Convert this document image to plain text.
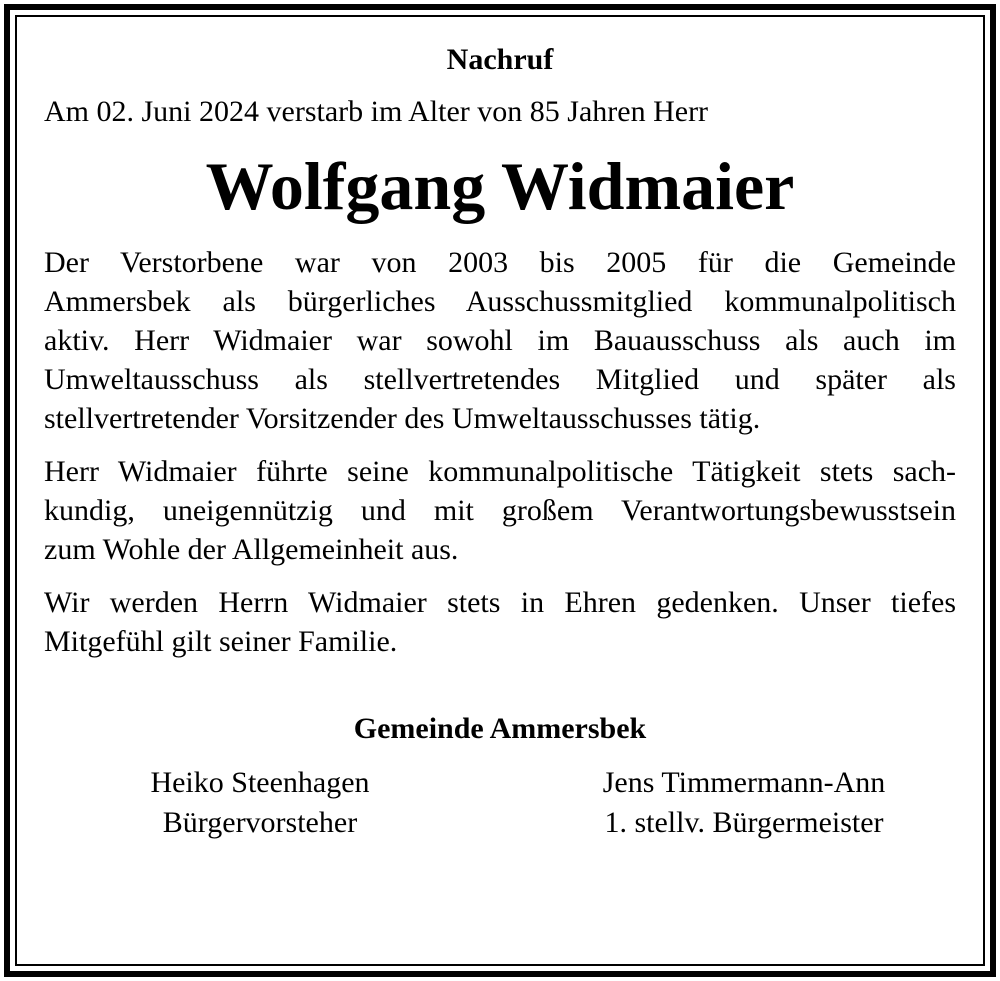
Nachruf

Am 02. Juni 2024 verstarb im Alter von 85 Jahren Herr

Wolfgang Widmaier

Der Verstorbene war von 2003 bis 2005 für die Gemeinde
Ammersbek als bürgerliches Ausschussmitglied kommunalpolitisch
aktiv. Herr Widmaier war sowohl im Bauausschuss als auch im
Umweltausschuss als stellvertretendes Mitglied und später als
stellvertretender Vorsitzender des Umweltausschusses tätig.
Herr Widmaier führte seine kommunalpolitische Tätigkeit stets sach-
kundig, uneigennützig und mit großem Verantwortungsbewusstsein
zum Wohle der Allgemeinheit aus.
Wir werden Herrn Widmaier stets in Ehren gedenken. Unser tiefes
Mitgefühl gilt seiner Familie.

Gemeinde Ammersbek

Heiko Steenhagen
Bürgervorsteher
Jens Timmermann-Ann
1. stellv. Bürgermeister
